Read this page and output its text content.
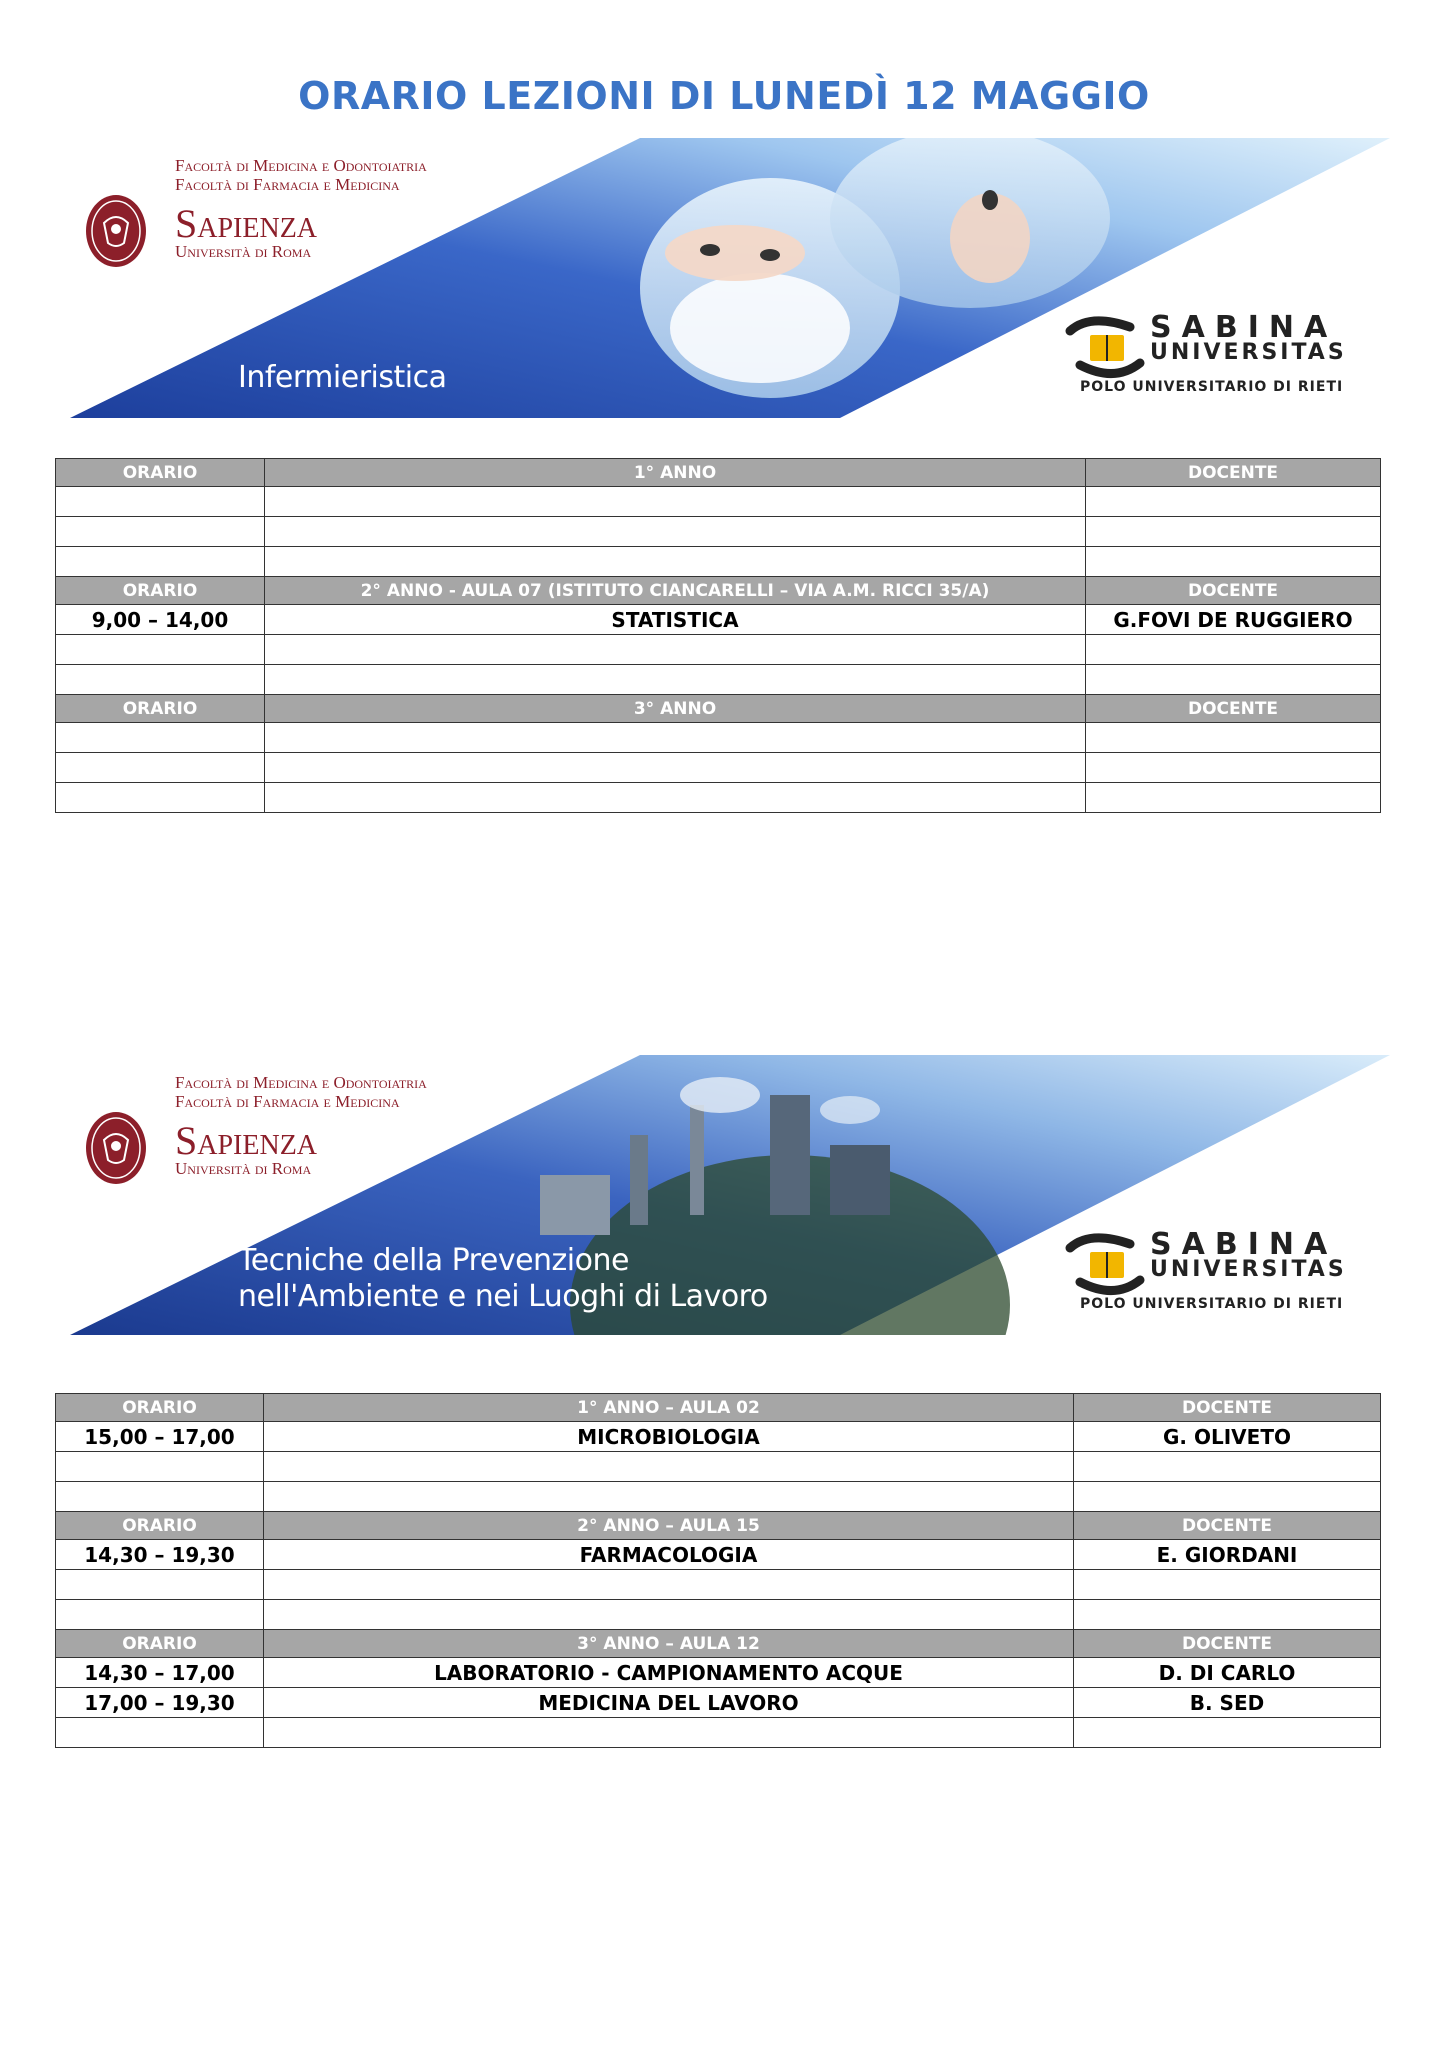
ORARIO LEZIONI DI LUNEDÌ 12 MAGGIO
Facoltà di Medicina e Odontoiatria
Facoltà di Farmacia e Medicina
Sapienza
Università di Roma
Infermieristica
SABINA
UNIVERSITAS
POLO UNIVERSITARIO DI RIETI
ORARIO	1° ANNO	DOCENTE

ORARIO	2° ANNO - AULA 07 (ISTITUTO CIANCARELLI – VIA A.M. RICCI 35/A)	DOCENTE
9,00 – 14,00	STATISTICA	G.FOVI DE RUGGIERO

ORARIO	3° ANNO	DOCENTE

Facoltà di Medicina e Odontoiatria
Facoltà di Farmacia e Medicina
Sapienza
Università di Roma
Tecniche della Prevenzione
nell'Ambiente e nei Luoghi di Lavoro
SABINA
UNIVERSITAS
POLO UNIVERSITARIO DI RIETI
ORARIO	1° ANNO – AULA 02	DOCENTE
15,00 – 17,00	MICROBIOLOGIA	G. OLIVETO

ORARIO	2° ANNO – AULA 15	DOCENTE
14,30 – 19,30	FARMACOLOGIA	E. GIORDANI

ORARIO	3° ANNO – AULA 12	DOCENTE
14,30 – 17,00	LABORATORIO - CAMPIONAMENTO ACQUE	D. DI CARLO
17,00 – 19,30	MEDICINA DEL LAVORO	B. SED
